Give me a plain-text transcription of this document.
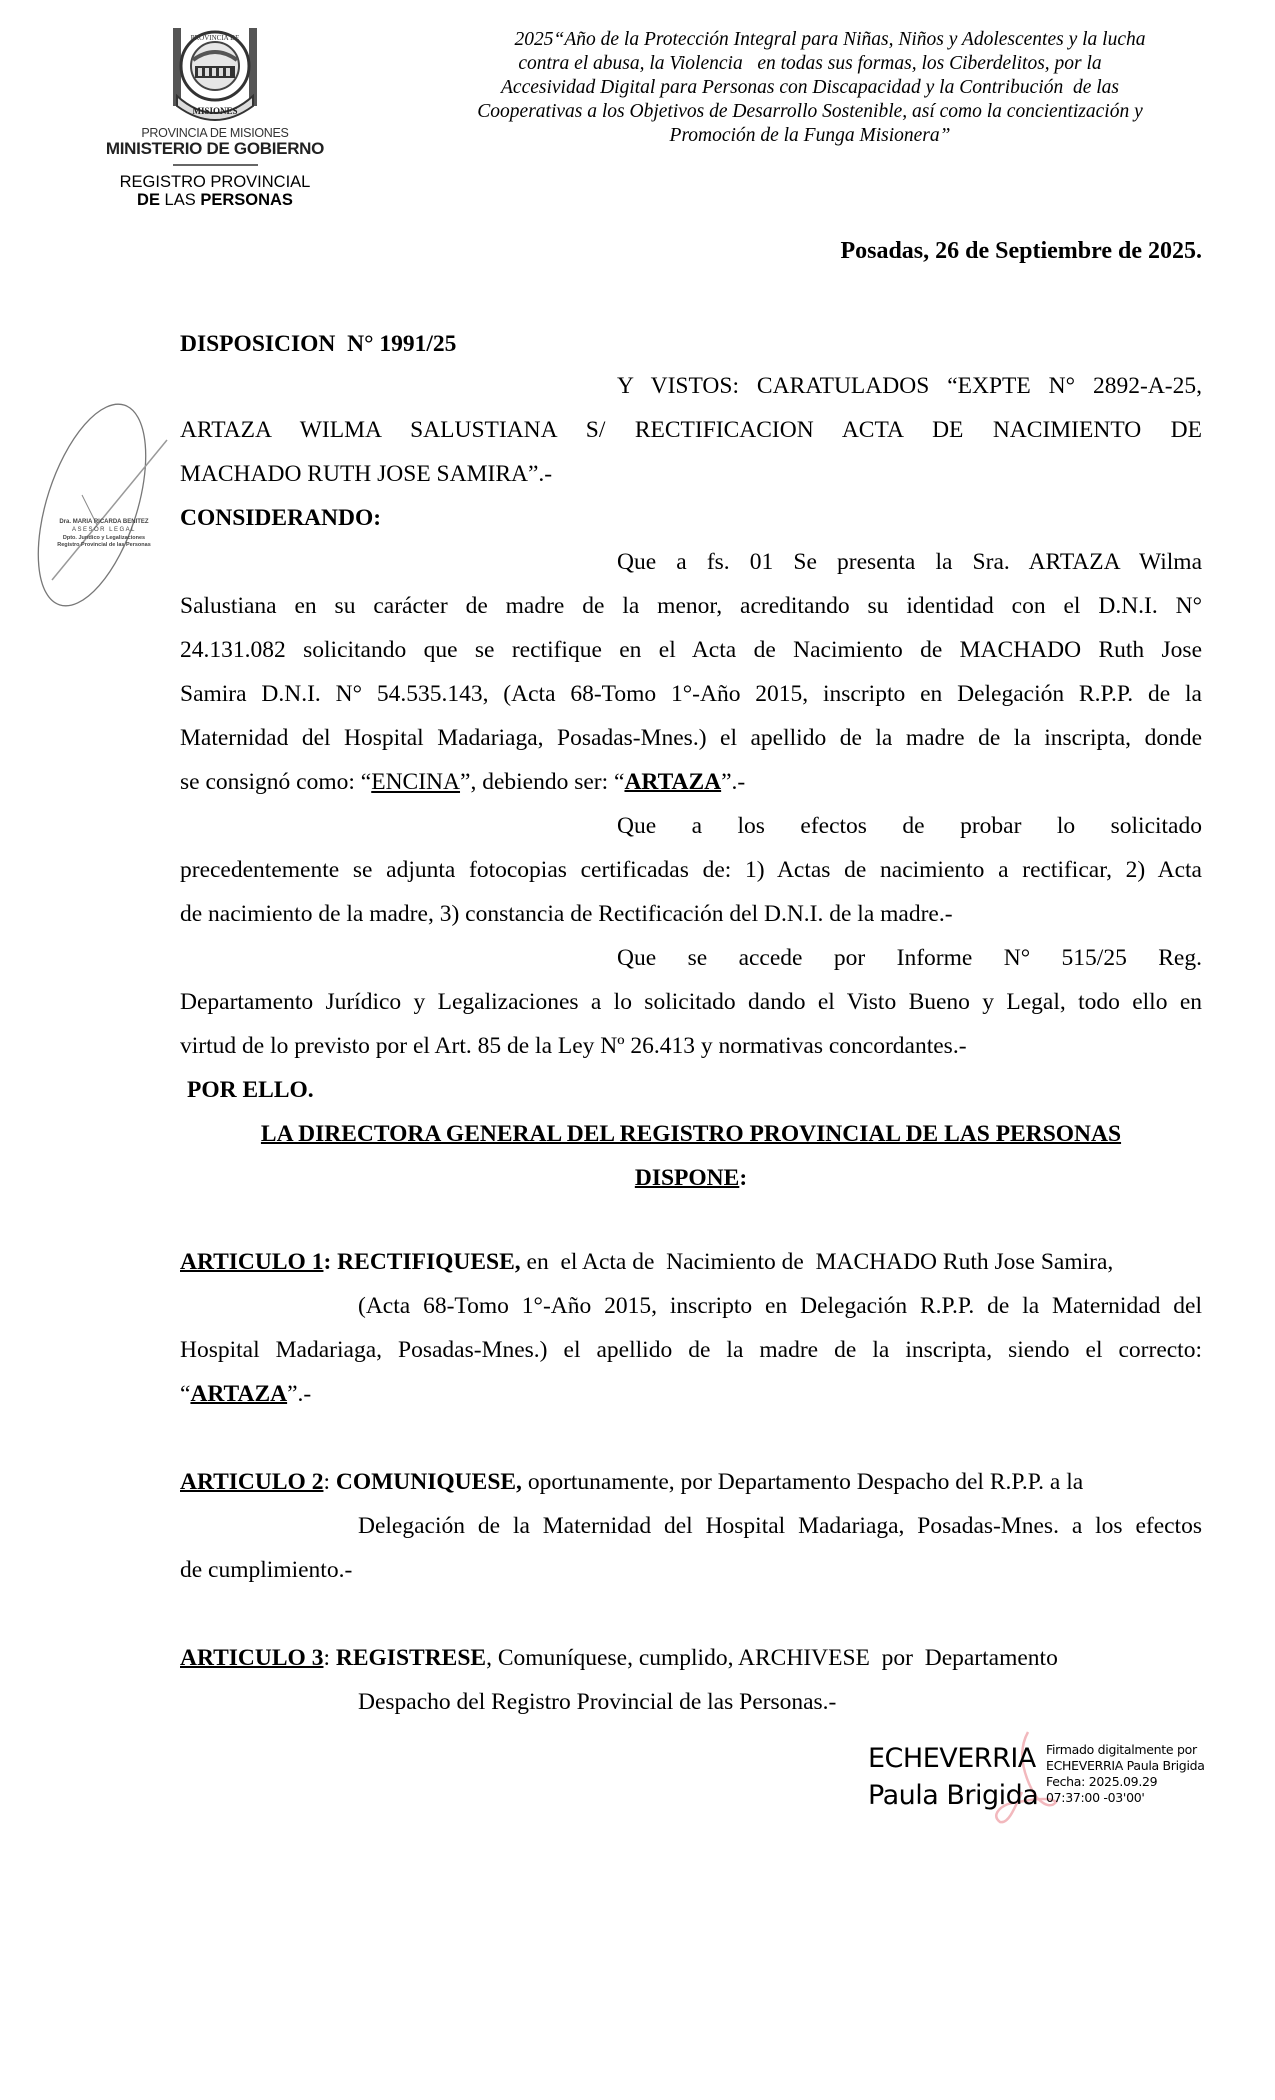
PROVINCIA DE
MISIONES
PROVINCIA DE MISIONES
MINISTERIO DE GOBIERNO
REGISTRO PROVINCIAL
DE LAS PERSONAS
2025“Año de la Protección Integral para Niñas, Niños y Adolescentes y la lucha
contra el abusa, la Violencia   en todas sus formas, los Ciberdelitos, por la
Accesividad Digital para Personas con Discapacidad y la Contribución  de las
Cooperativas a los Objetivos de Desarrollo Sostenible, así como la concientización y
Promoción de la Funga Misionera”
Posadas, 26 de Septiembre de 2025.
DISPOSICION  N° 1991/25
Y VISTOS: CARATULADOS “EXPTE N° 2892-A-25,
ARTAZA WILMA SALUSTIANA S/ RECTIFICACION ACTA DE NACIMIENTO DE
MACHADO RUTH JOSE SAMIRA”.-
Dra. MARIA RICARDA BENITEZ
ASESOR LEGAL
Dpto. Jurídico y Legalizaciones
Registro Provincial de las Personas
CONSIDERANDO:
Que a fs. 01 Se presenta la Sra. ARTAZA Wilma
Salustiana en su carácter de madre de la menor, acreditando su identidad con el D.N.I. N°
24.131.082 solicitando que se rectifique en el Acta de Nacimiento de MACHADO Ruth Jose
Samira D.N.I. N° 54.535.143, (Acta 68-Tomo 1°-Año 2015, inscripto en Delegación R.P.P. de la
Maternidad del Hospital Madariaga, Posadas-Mnes.) el apellido de la madre de la inscripta, donde
se consignó como: “ENCINA”, debiendo ser: “ARTAZA”.-
Que a los efectos de probar lo solicitado
precedentemente se adjunta fotocopias certificadas de: 1) Actas de nacimiento a rectificar, 2) Acta
de nacimiento de la madre, 3) constancia de Rectificación del D.N.I. de la madre.-
Que se accede por Informe N° 515/25 Reg.
Departamento Jurídico y Legalizaciones a lo solicitado dando el Visto Bueno y Legal, todo ello en
virtud de lo previsto por el Art. 85 de la Ley Nº 26.413 y normativas concordantes.-
POR ELLO.
LA DIRECTORA GENERAL DEL REGISTRO PROVINCIAL DE LAS PERSONAS
DISPONE:
ARTICULO 1: RECTIFIQUESE, en  el Acta de  Nacimiento de  MACHADO Ruth Jose Samira,
(Acta 68-Tomo 1°-Año 2015, inscripto en Delegación R.P.P. de la Maternidad del
Hospital Madariaga, Posadas-Mnes.) el apellido de la madre de la inscripta, siendo el correcto:
“ARTAZA”.-
ARTICULO 2: COMUNIQUESE, oportunamente, por Departamento Despacho del R.P.P. a la
Delegación de la Maternidad del Hospital Madariaga, Posadas-Mnes. a los efectos
de cumplimiento.-
ARTICULO 3: REGISTRESE, Comuníquese, cumplido, ARCHIVESE  por  Departamento
Despacho del Registro Provincial de las Personas.-
ECHEVERRIA
Paula Brigida
Firmado digitalmente por
ECHEVERRIA Paula Brigida
Fecha: 2025.09.29
07:37:00 -03'00'
